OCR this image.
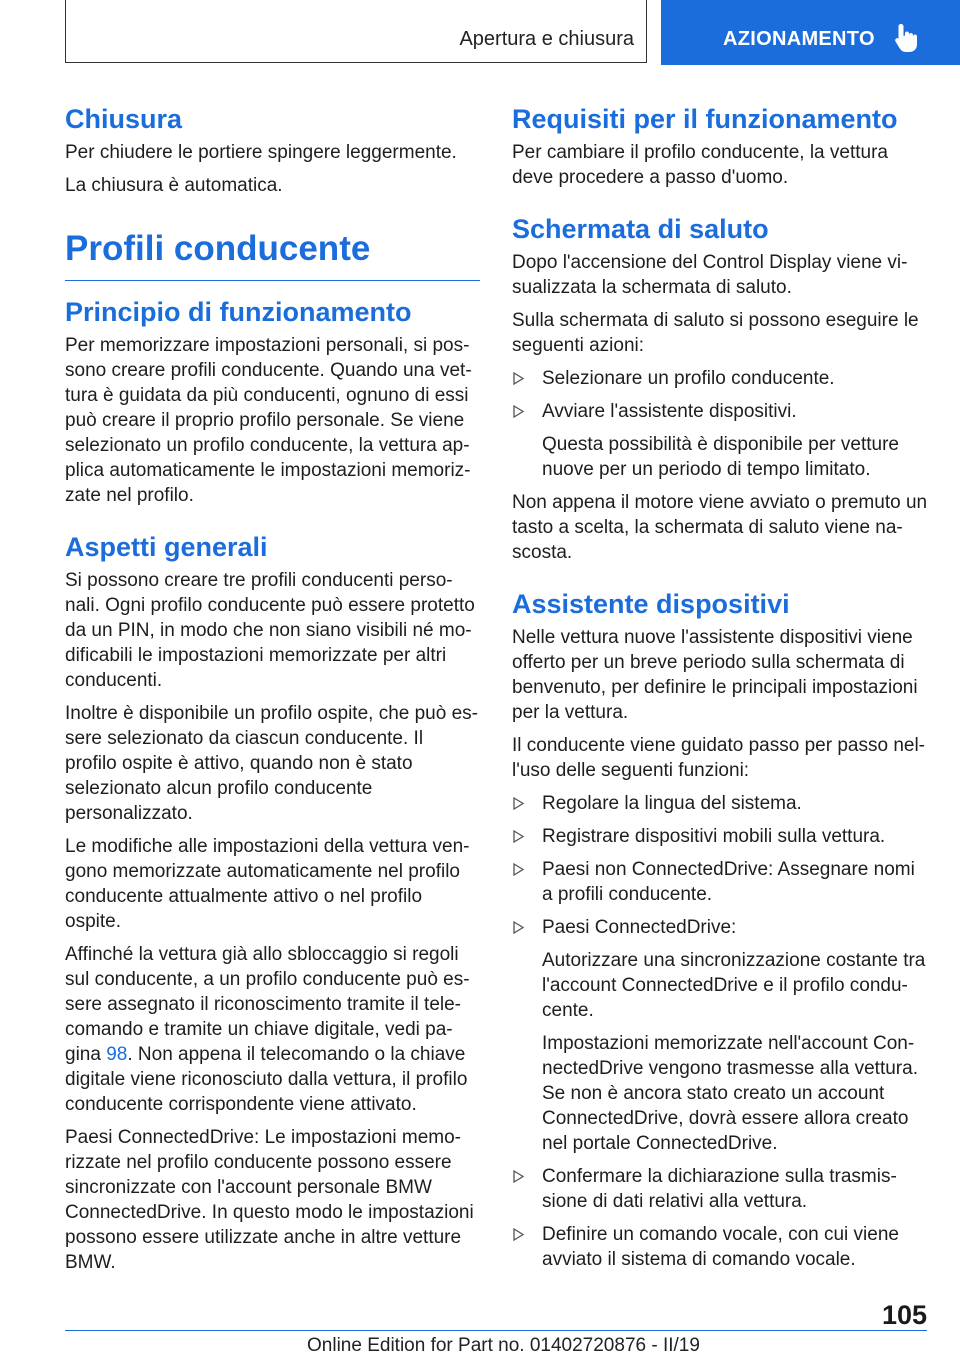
Apertura e chiusura	AZIONAMENTO
Chiusura

Per chiudere le portiere spingere leggermente.

La chiusura è automatica.

Profili conducente
Principio di funzionamento

Per memorizzare impostazioni personali, si pos-sono creare profili conducente. Quando una vet-tura è guidata da più conducenti, ognuno di essi può creare il proprio profilo personale. Se viene selezionato un profilo conducente, la vettura ap-plica automaticamente le impostazioni memoriz-zate nel profilo.

Aspetti generali

Si possono creare tre profili conducenti perso-nali. Ogni profilo conducente può essere protetto da un PIN, in modo che non siano visibili né mo-dificabili le impostazioni memorizzate per altri conducenti.

Inoltre è disponibile un profilo ospite, che può es-sere selezionato da ciascun conducente. Il profilo ospite è attivo, quando non è stato selezionato alcun profilo conducente personalizzato.

Le modifiche alle impostazioni della vettura ven-gono memorizzate automaticamente nel profilo conducente attualmente attivo o nel profilo ospite.

Affinché la vettura già allo sbloccaggio si regoli sul conducente, a un profilo conducente può es-sere assegnato il riconoscimento tramite il tele-comando e tramite un chiave digitale, vedi pa-gina 98. Non appena il telecomando o la chiave digitale viene riconosciuto dalla vettura, il profilo conducente corrispondente viene attivato.

Paesi ConnectedDrive: Le impostazioni memo-rizzate nel profilo conducente possono essere sincronizzate con l'account personale BMW ConnectedDrive. In questo modo le impostazioni possono essere utilizzate anche in altre vetture BMW.

Requisiti per il funzionamento

Per cambiare il profilo conducente, la vettura deve procedere a passo d'uomo.

Schermata di saluto

Dopo l'accensione del Control Display viene vi-sualizzata la schermata di saluto.

Sulla schermata di saluto si possono eseguire le seguenti azioni:

Selezionare un profilo conducente.
Avviare l'assistente dispositivi.
Questa possibilità è disponibile per vetture nuove per un periodo di tempo limitato.

Non appena il motore viene avviato o premuto un tasto a scelta, la schermata di saluto viene na-scosta.

Assistente dispositivi

Nelle vettura nuove l'assistente dispositivi viene offerto per un breve periodo sulla schermata di benvenuto, per definire le principali impostazioni per la vettura.

Il conducente viene guidato passo per passo nel-l'uso delle seguenti funzioni:

Regolare la lingua del sistema.
Registrare dispositivi mobili sulla vettura.
Paesi non ConnectedDrive: Assegnare nomi a profili conducente.
Paesi ConnectedDrive:
Autorizzare una sincronizzazione costante tra l'account ConnectedDrive e il profilo condu-cente.
Impostazioni memorizzate nell'account Con-nectedDrive vengono trasmesse alla vettura. Se non è ancora stato creato un account ConnectedDrive, dovrà essere allora creato nel portale ConnectedDrive.
Confermare la dichiarazione sulla trasmis-sione di dati relativi alla vettura.
Definire un comando vocale, con cui viene avviato il sistema di comando vocale.
105
Online Edition for Part no. 01402720876 - II/19
